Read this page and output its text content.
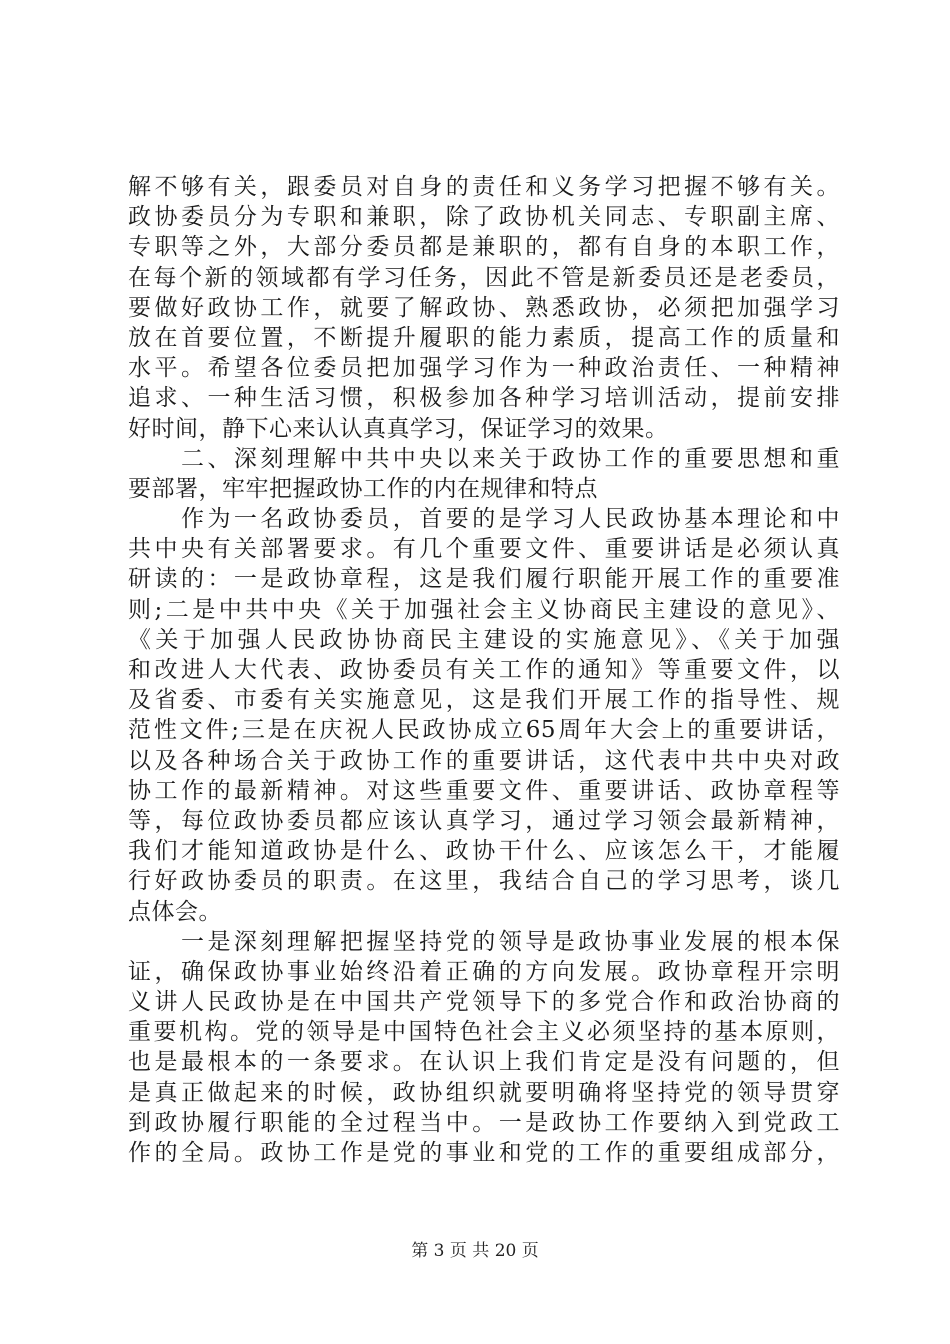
解不够有关，跟委员对自身的责任和义务学习把握不够有关。
政协委员分为专职和兼职，除了政协机关同志、专职副主席、
专职等之外，大部分委员都是兼职的，都有自身的本职工作，
在每个新的领域都有学习任务，因此不管是新委员还是老委员，
要做好政协工作，就要了解政协、熟悉政协，必须把加强学习
放在首要位置，不断提升履职的能力素质，提高工作的质量和
水平。希望各位委员把加强学习作为一种政治责任、一种精神
追求、一种生活习惯，积极参加各种学习培训活动，提前安排
好时间，静下心来认认真真学习，保证学习的效果。
　　二、深刻理解中共中央以来关于政协工作的重要思想和重
要部署，牢牢把握政协工作的内在规律和特点
　　作为一名政协委员，首要的是学习人民政协基本理论和中
共中央有关部署要求。有几个重要文件、重要讲话是必须认真
研读的：一是政协章程，这是我们履行职能开展工作的重要准
则;二是中共中央《关于加强社会主义协商民主建设的意见》、
《关于加强人民政协协商民主建设的实施意见》、《关于加强
和改进人大代表、政协委员有关工作的通知》等重要文件，以
及省委、市委有关实施意见，这是我们开展工作的指导性、规
范性文件;三是在庆祝人民政协成立65周年大会上的重要讲话，
以及各种场合关于政协工作的重要讲话，这代表中共中央对政
协工作的最新精神。对这些重要文件、重要讲话、政协章程等
等，每位政协委员都应该认真学习，通过学习领会最新精神，
我们才能知道政协是什么、政协干什么、应该怎么干，才能履
行好政协委员的职责。在这里，我结合自己的学习思考，谈几
点体会。
　　一是深刻理解把握坚持党的领导是政协事业发展的根本保
证，确保政协事业始终沿着正确的方向发展。政协章程开宗明
义讲人民政协是在中国共产党领导下的多党合作和政治协商的
重要机构。党的领导是中国特色社会主义必须坚持的基本原则，
也是最根本的一条要求。在认识上我们肯定是没有问题的，但
是真正做起来的时候，政协组织就要明确将坚持党的领导贯穿
到政协履行职能的全过程当中。一是政协工作要纳入到党政工
作的全局。政协工作是党的事业和党的工作的重要组成部分，
第 3 页 共 20 页
